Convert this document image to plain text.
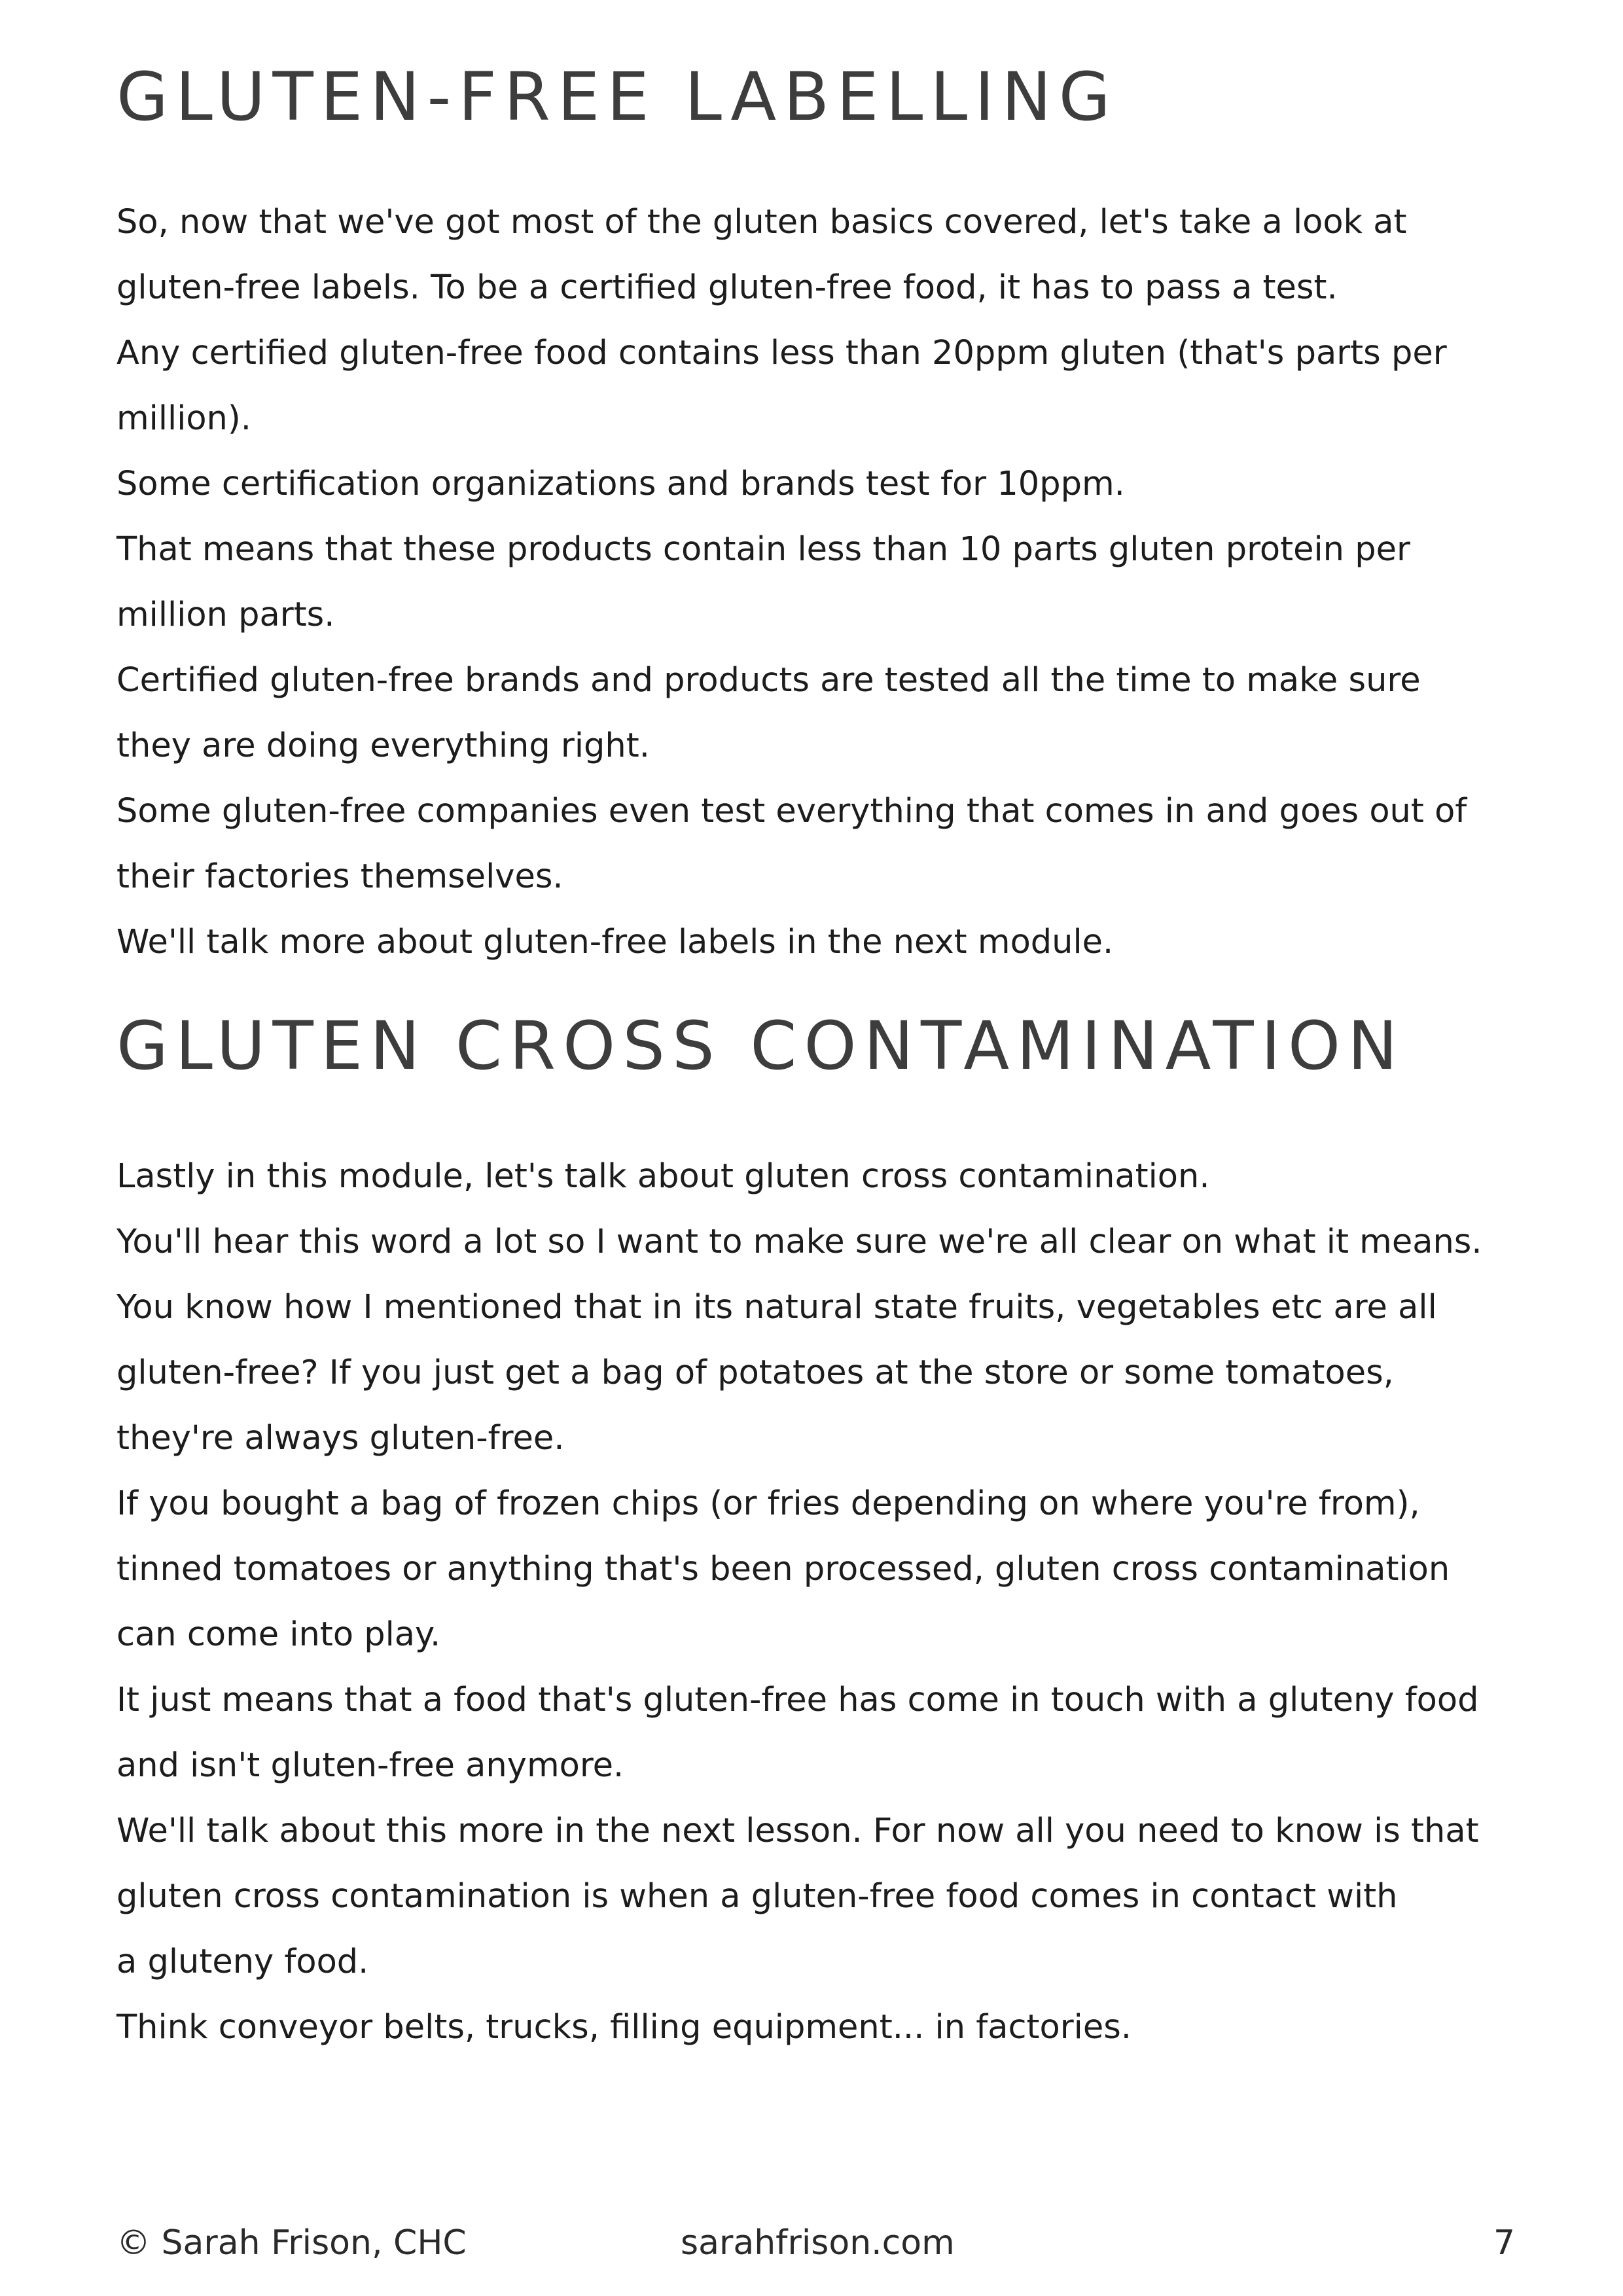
GLUTEN-FREE LABELLING

So, now that we've got most of the gluten basics covered, let's take a look at

gluten-free labels. To be a certified gluten-free food, it has to pass a test.

Any certified gluten-free food contains less than 20ppm gluten (that's parts per

million).

Some certification organizations and brands test for 10ppm.

That means that these products contain less than 10 parts gluten protein per

million parts.

Certified gluten-free brands and products are tested all the time to make sure

they are doing everything right.

Some gluten-free companies even test everything that comes in and goes out of

their factories themselves.

We'll talk more about gluten-free labels in the next module.

GLUTEN CROSS CONTAMINATION

Lastly in this module, let's talk about gluten cross contamination.

You'll hear this word a lot so I want to make sure we're all clear on what it means.

You know how I mentioned that in its natural state fruits, vegetables etc are all

gluten-free? If you just get a bag of potatoes at the store or some tomatoes,

they're always gluten-free.

If you bought a bag of frozen chips (or fries depending on where you're from),

tinned tomatoes or anything that's been processed, gluten cross contamination

can come into play.

It just means that a food that's gluten-free has come in touch with a gluteny food

and isn't gluten-free anymore.

We'll talk about this more in the next lesson. For now all you need to know is that

gluten cross contamination is when a gluten-free food comes in contact with

a gluteny food.

Think conveyor belts, trucks, filling equipment... in factories.

© Sarah Frison, CHC	sarahfrison.com	7
